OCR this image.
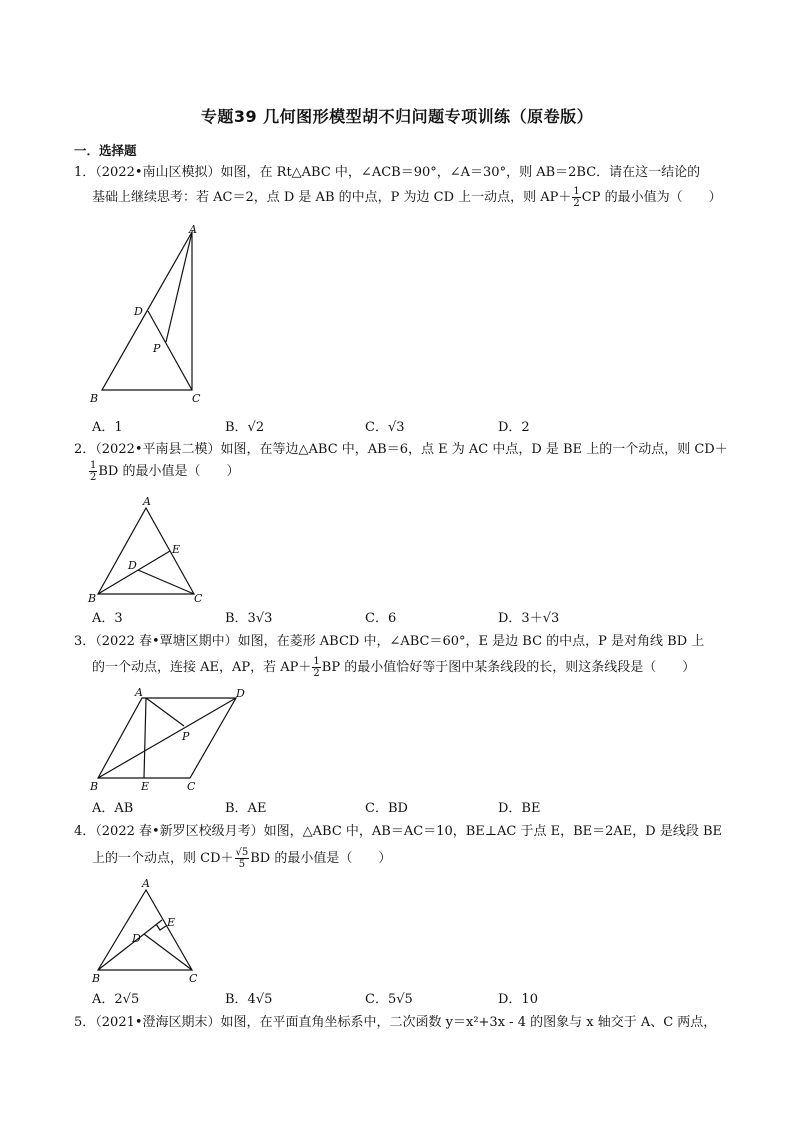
专题39 几何图形模型胡不归问题专项训练（原卷版）
一．选择题
1．（2022•南山区模拟）如图，在 Rt△ABC 中，∠ACB＝90°，∠A＝30°，则 AB＝2BC．请在这一结论的
基础上继续思考：若 AC＝2，点 D 是 AB 的中点，P 为边 CD 上一动点，则 $AP+ \frac{1}{2}$ CP 的最小值为（　　）
A
D
P
B	C
A．1	B．√2	C．√3	D．2
2．（2022•平南县二模）如图，在等边△ABC 中，AB＝6，点 E 为 AC 中点，D 是 BE 上的一个动点，则 CD＋
$\frac{1}{2}$ BD 的最小值是（　　）
A
E
D
B	C
A．3	B．3√3	C．6	D．3＋√3
3．（2022 春•覃塘区期中）如图，在菱形 ABCD 中，∠ABC＝60°，E 是边 BC 的中点，P 是对角线 BD 上
的一个动点，连接 AE，AP，若 $AP+ \frac{1}{2}$ BP 的最小值恰好等于图中某条线段的长，则这条线段是（　　）
A	D
P
B	E	C
A．AB	B．AE	C．BD	D．BE
4．（2022 春•新罗区校级月考）如图，△ABC 中，AB＝AC＝10，BE⊥AC 于点 E，BE＝2AE，D 是线段 BE
上的一个动点，则 $CD+ \frac{√5}{5}$ BD 的最小值是（　　）
A
E
D
B	C
A．2√5	B．4√5	C．5√5	D．10
5．（2021•澄海区期末）如图，在平面直角坐标系中，二次函数 y＝x²+3x - 4 的图象与 x 轴交于 A、C 两点，
